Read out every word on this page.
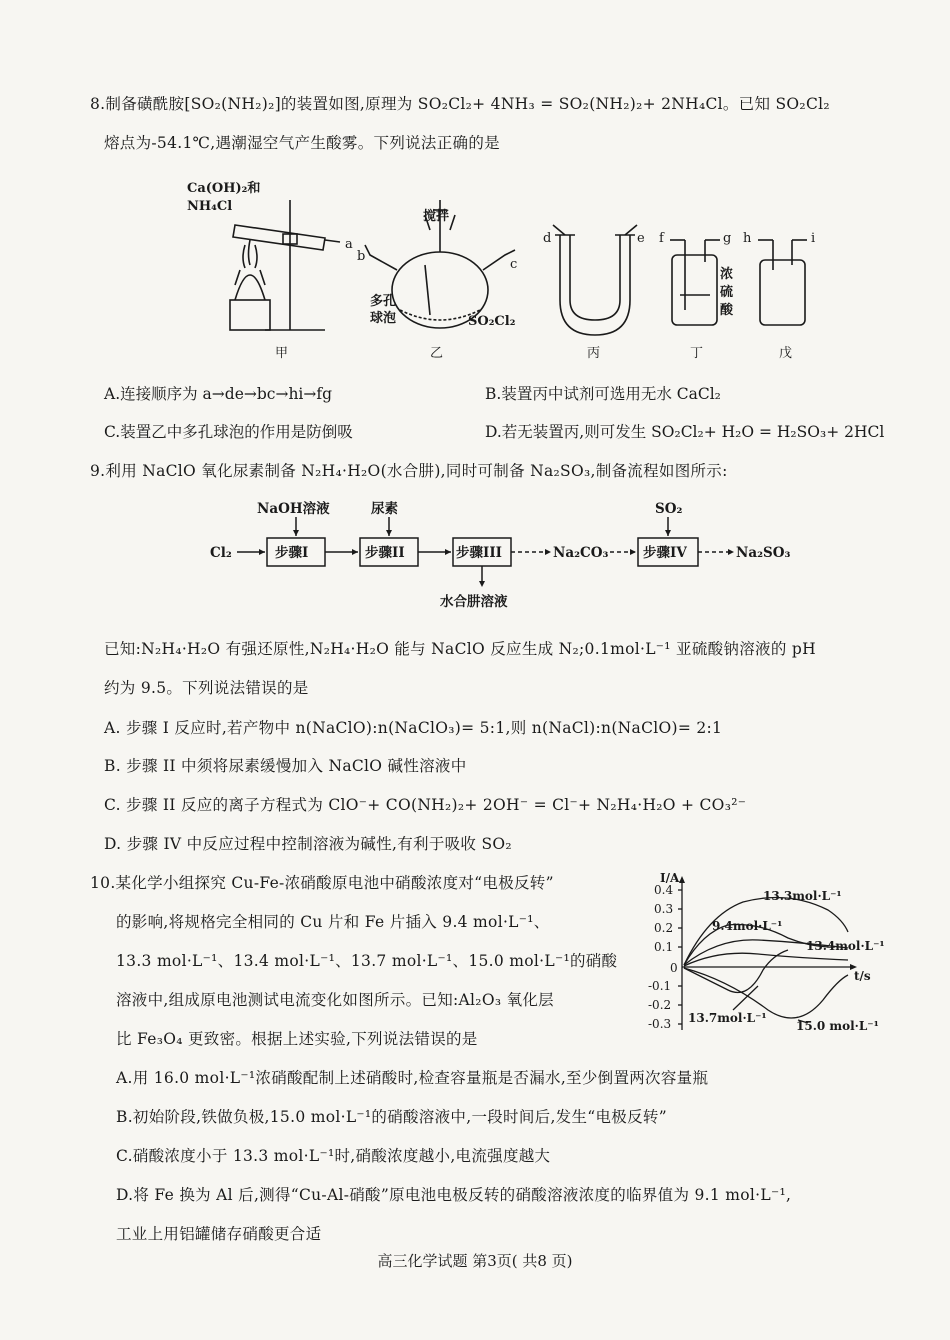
8.制备磺酰胺[SO₂(NH₂)₂]的装置如图,原理为 SO₂Cl₂+ 4NH₃ = SO₂(NH₂)₂+ 2NH₄Cl。已知 SO₂Cl₂
熔点为-54.1℃,遇潮湿空气产生酸雾。下列说法正确的是
Ca(OH)₂和
NH₄Cl
a
b
c
d	e f	g h	i
搅拌
多孔
球泡	SO₂Cl₂
浓
硫
酸
甲	乙	丙	丁	戊
A.连接顺序为 a→de→bc→hi→fg	B.装置丙中试剂可选用无水 CaCl₂
C.装置乙中多孔球泡的作用是防倒吸	D.若无装置丙,则可发生 SO₂Cl₂+ H₂O = H₂SO₃+ 2HCl
9.利用 NaClO 氧化尿素制备 N₂H₄·H₂O(水合肼),同时可制备 Na₂SO₃,制备流程如图所示:
Cl₂
NaOH溶液	尿素	SO₂
步骤I	步骤II	步骤III	步骤IV
Na₂CO₃	Na₂SO₃
水合肼溶液
已知:N₂H₄·H₂O 有强还原性,N₂H₄·H₂O 能与 NaClO 反应生成 N₂;0.1mol·L⁻¹ 亚硫酸钠溶液的 pH
约为 9.5。下列说法错误的是
A. 步骤 I 反应时,若产物中 n(NaClO):n(NaClO₃)= 5:1,则 n(NaCl):n(NaClO)= 2:1
B. 步骤 II 中须将尿素缓慢加入 NaClO 碱性溶液中
C. 步骤 II 反应的离子方程式为 ClO⁻+ CO(NH₂)₂+ 2OH⁻ = Cl⁻+ N₂H₄·H₂O + CO₃²⁻
D. 步骤 IV 中反应过程中控制溶液为碱性,有利于吸收 SO₂
10.某化学小组探究 Cu-Fe-浓硝酸原电池中硝酸浓度对“电极反转”
的影响,将规格完全相同的 Cu 片和 Fe 片插入 9.4 mol·L⁻¹、
13.3 mol·L⁻¹、13.4 mol·L⁻¹、13.7 mol·L⁻¹、15.0 mol·L⁻¹的硝酸
溶液中,组成原电池测试电流变化如图所示。已知:Al₂O₃ 氧化层
比 Fe₃O₄ 更致密。根据上述实验,下列说法错误的是
I/A
t/s
0
0.4
0.3
0.2
0.1
-0.1
-0.2
-0.3
13.3mol·L⁻¹
9.4mol·L⁻¹
13.4mol·L⁻¹
13.7mol·L⁻¹
15.0 mol·L⁻¹
A.用 16.0 mol·L⁻¹浓硝酸配制上述硝酸时,检查容量瓶是否漏水,至少倒置两次容量瓶
B.初始阶段,铁做负极,15.0 mol·L⁻¹的硝酸溶液中,一段时间后,发生“电极反转”
C.硝酸浓度小于 13.3 mol·L⁻¹时,硝酸浓度越小,电流强度越大
D.将 Fe 换为 Al 后,测得“Cu-Al-硝酸”原电池电极反转的硝酸溶液浓度的临界值为 9.1 mol·L⁻¹,
工业上用铝罐储存硝酸更合适
高三化学试题 第3页( 共8 页)
